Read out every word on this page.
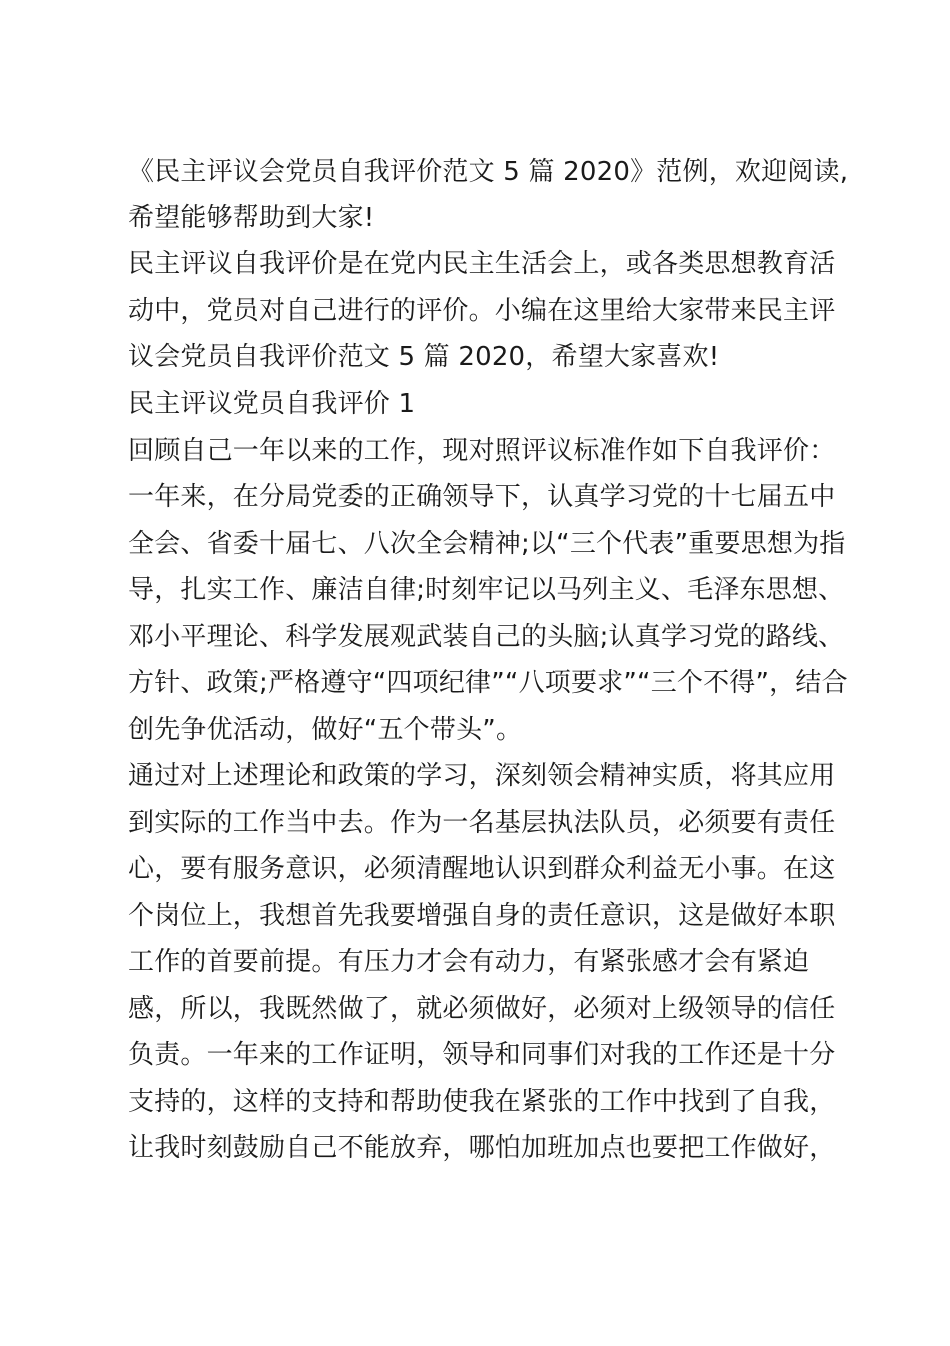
《民主评议会党员自我评价范文 5 篇 2020》范例，欢迎阅读,
希望能够帮助到大家!
民主评议自我评价是在党内民主生活会上，或各类思想教育活
动中，党员对自己进行的评价。小编在这里给大家带来民主评
议会党员自我评价范文 5 篇 2020，希望大家喜欢!
民主评议党员自我评价 1
回顾自己一年以来的工作，现对照评议标准作如下自我评价：
一年来，在分局党委的正确领导下，认真学习党的十七届五中
全会、省委十届七、八次全会精神;以“三个代表”重要思想为指
导，扎实工作、廉洁自律;时刻牢记以马列主义、毛泽东思想、
邓小平理论、科学发展观武装自己的头脑;认真学习党的路线、
方针、政策;严格遵守“四项纪律”“八项要求”“三个不得”，结合
创先争优活动，做好“五个带头”。
通过对上述理论和政策的学习，深刻领会精神实质，将其应用
到实际的工作当中去。作为一名基层执法队员，必须要有责任
心，要有服务意识，必须清醒地认识到群众利益无小事。在这
个岗位上，我想首先我要增强自身的责任意识，这是做好本职
工作的首要前提。有压力才会有动力，有紧张感才会有紧迫
感，所以，我既然做了，就必须做好，必须对上级领导的信任
负责。一年来的工作证明，领导和同事们对我的工作还是十分
支持的，这样的支持和帮助使我在紧张的工作中找到了自我，
让我时刻鼓励自己不能放弃，哪怕加班加点也要把工作做好，
